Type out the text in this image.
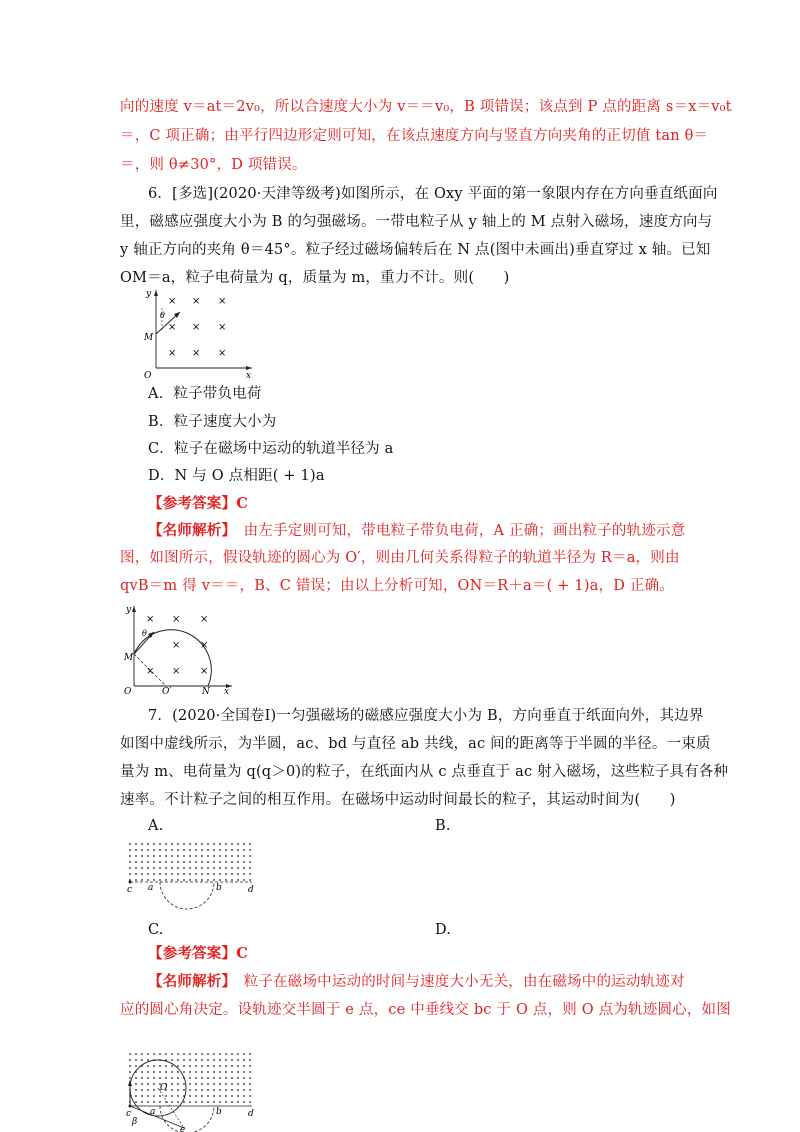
向的速度 v＝at＝2v₀，所以合速度大小为 v＝＝v₀，B 项错误；该点到 P 点的距离 s＝x＝v₀t
＝，C 项正确；由平行四边形定则可知，在该点速度方向与竖直方向夹角的正切值 tan θ＝
＝，则 θ≠30°，D 项错误。
6．[多选](2020·天津等级考)如图所示，在 Oxy 平面的第一象限内存在方向垂直纸面向
里，磁感应强度大小为 B 的匀强磁场。一带电粒子从 y 轴上的 M 点射入磁场，速度方向与
y 轴正方向的夹角 θ＝45°。粒子经过磁场偏转后在 N 点(图中未画出)垂直穿过 x 轴。已知
OM＝a，粒子电荷量为 q，质量为 m，重力不计。则(　　)
y
x
O
M
θ
× × ×
× × ×
× × ×
A．粒子带负电荷
B．粒子速度大小为
C．粒子在磁场中运动的轨道半径为 a
D．N 与 O 点相距( + 1)a
【参考答案】C
【名师解析】　由左手定则可知，带电粒子带负电荷，A 正确；画出粒子的轨迹示意
图，如图所示，假设轨迹的圆心为 O′，则由几何关系得粒子的轨道半径为 R＝a，则由
qvB＝m 得 v＝＝，B、C 错误；由以上分析可知，ON＝R＋a＝( + 1)a，D 正确。
y
x
O	O′	N
M
θ
× × ×
× ×
× × ×
7．(2020·全国卷Ⅰ)一匀强磁场的磁感应强度大小为 B，方向垂直于纸面向外，其边界
如图中虚线所示，为半圆，ac、bd 与直径 ab 共线，ac 间的距离等于半圆的半径。一束质
量为 m、电荷量为 q(q＞0)的粒子，在纸面内从 c 点垂直于 ac 射入磁场，这些粒子具有各种
速率。不计粒子之间的相互作用。在磁场中运动时间最长的粒子，其运动时间为(　　)
A.	B.
c a	b	d
C.	D.
【参考答案】C
【名师解析】　粒子在磁场中运动的时间与速度大小无关，由在磁场中的运动轨迹对
应的圆心角决定。设轨迹交半圆于 e 点，ce 中垂线交 bc 于 O 点，则 O 点为轨迹圆心，如图
c
β
a
O
b	d
e
